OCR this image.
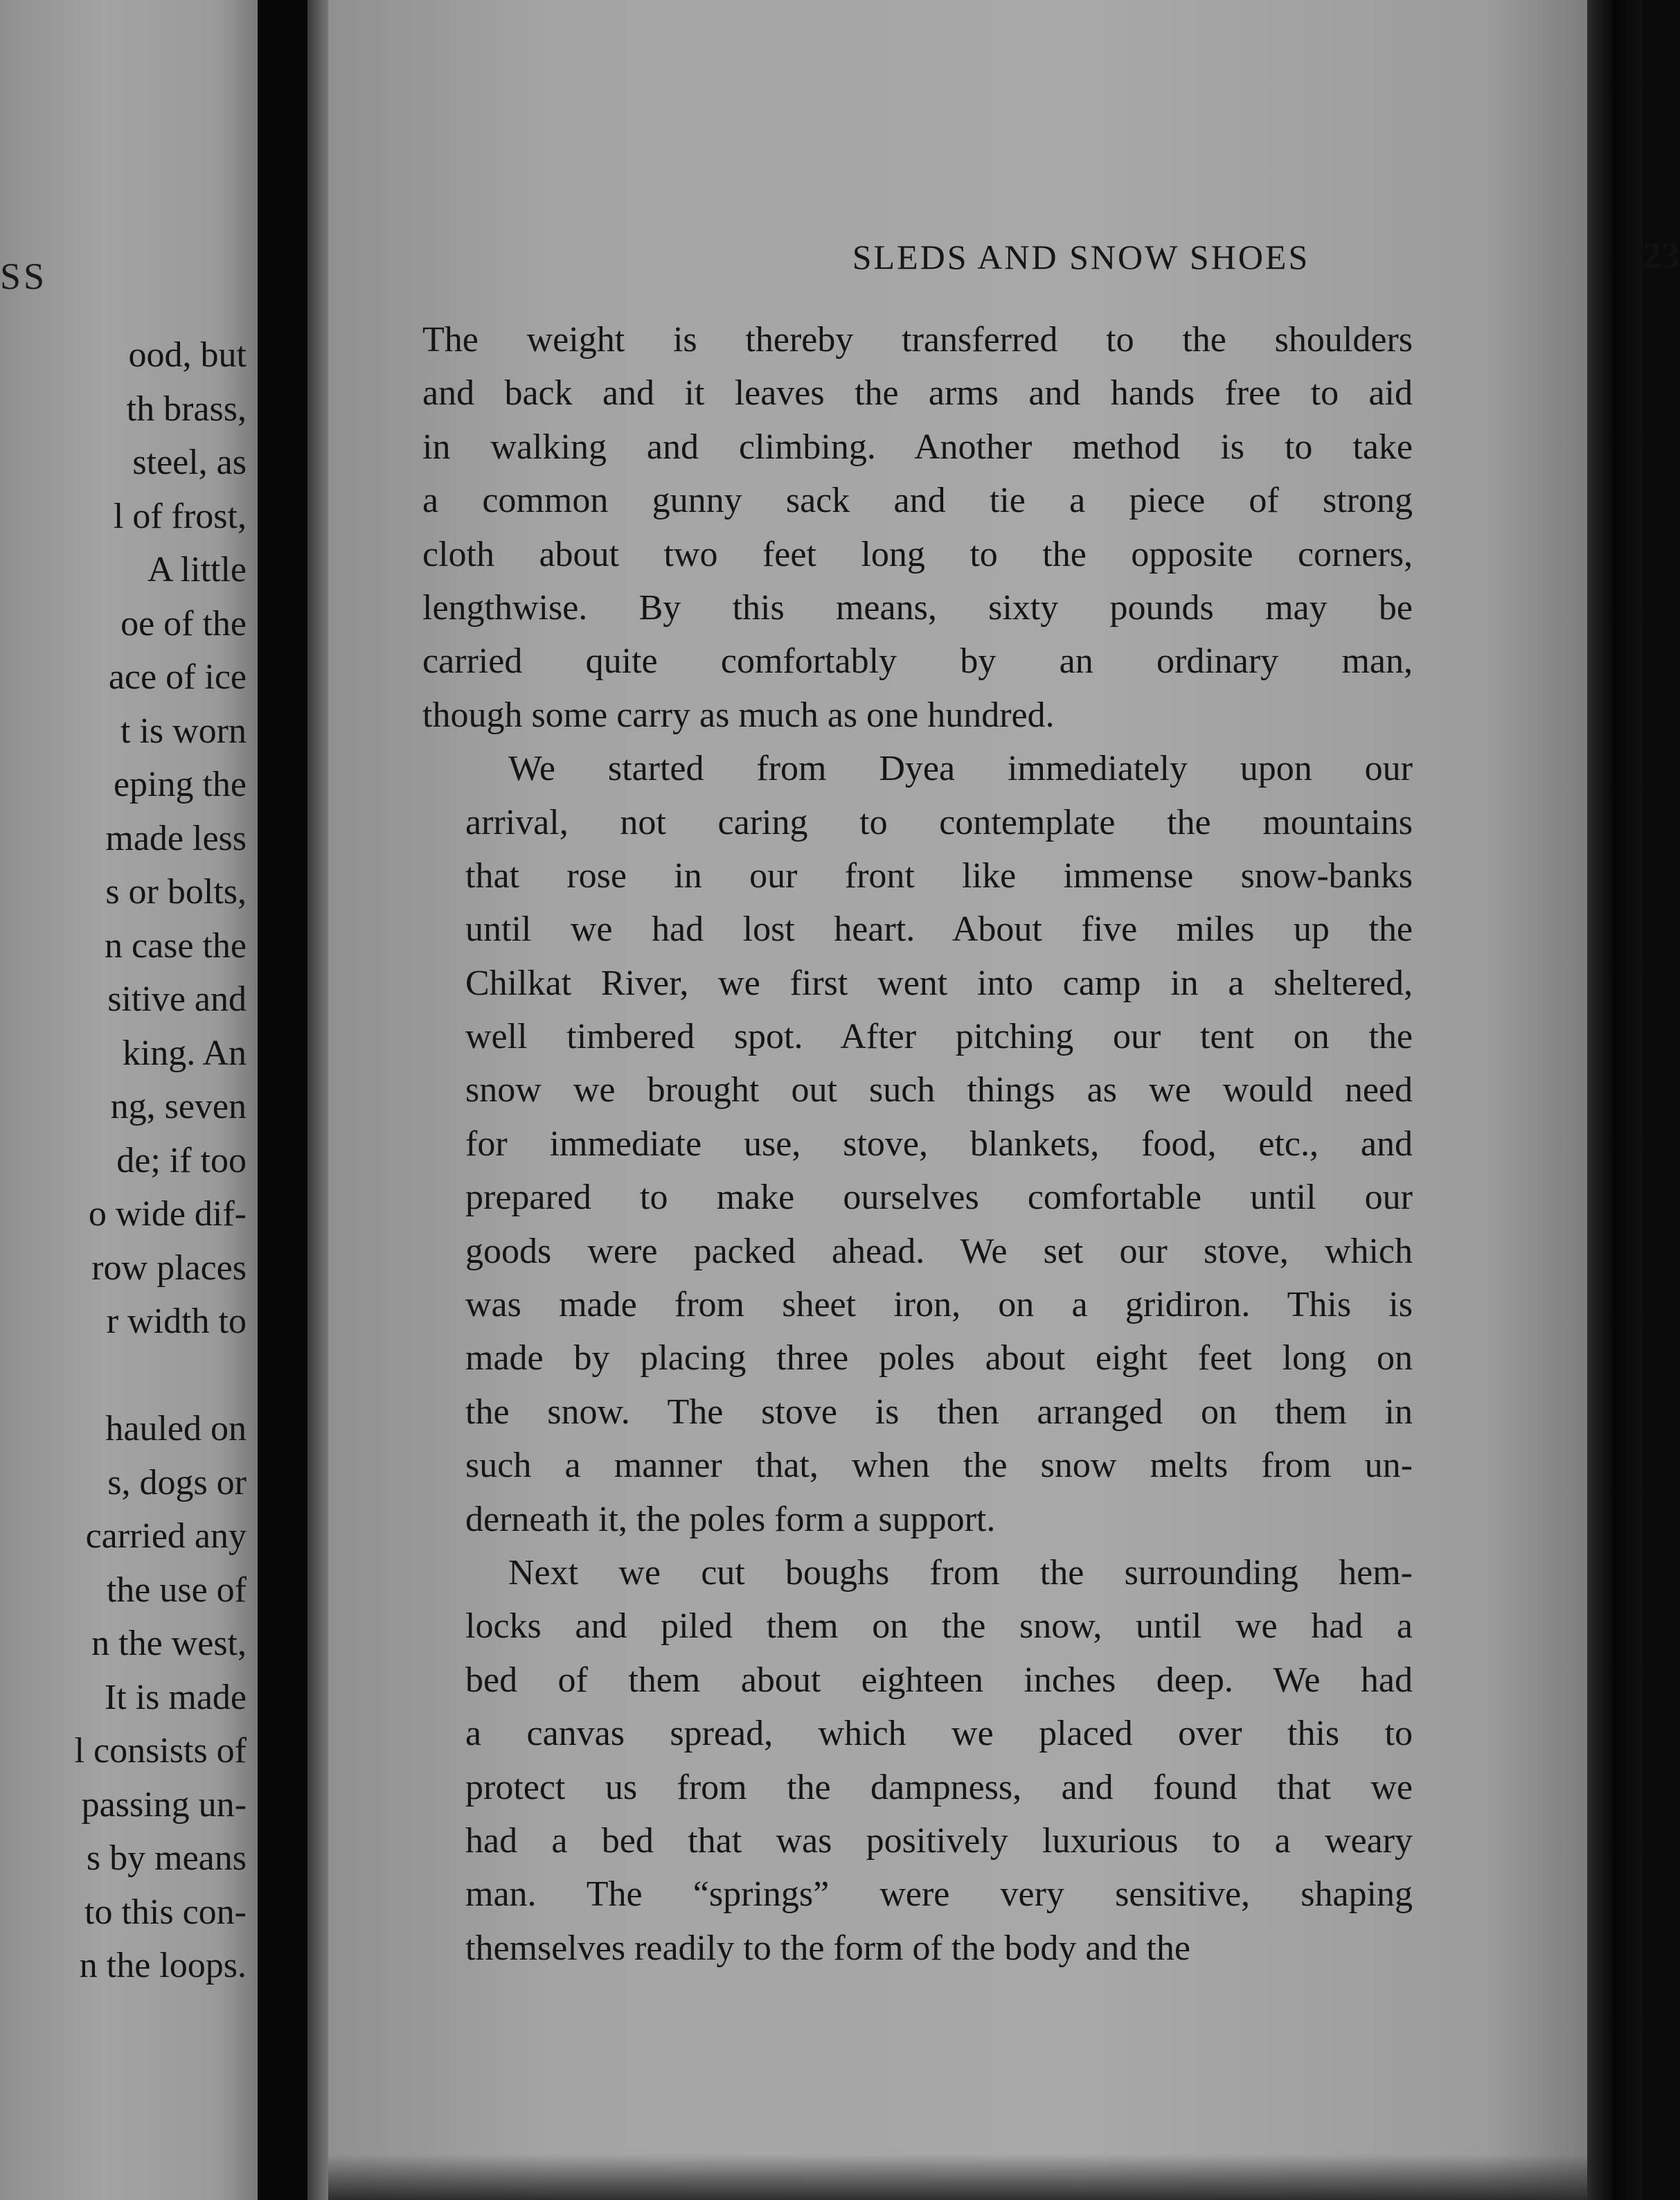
SS
ood, but
th brass,
steel, as
l of frost,
A little
oe of the
ace of ice
t is worn
eping the
made less
s or bolts,
n case the
sitive and
king. An
ng, seven
de; if too
o wide dif-
row places
r width to
hauled on
s, dogs or
carried any
the use of
n the west,
It is made
l consists of
passing un-
s by means
to this con-
n the loops.
SLEDS AND SNOW SHOES	23
The weight is thereby transferred to the shoulders
and back and it leaves the arms and hands free to aid
in walking and climbing. Another method is to take
a common gunny sack and tie a piece of strong
cloth about two feet long to the opposite corners,
lengthwise. By this means, sixty pounds may be
carried quite comfortably by an ordinary man,
though some carry as much as one hundred.
We started from Dyea immediately upon our
arrival, not caring to contemplate the mountains
that rose in our front like immense snow-banks
until we had lost heart. About five miles up the
Chilkat River, we first went into camp in a sheltered,
well timbered spot. After pitching our tent on the
snow we brought out such things as we would need
for immediate use, stove, blankets, food, etc., and
prepared to make ourselves comfortable until our
goods were packed ahead. We set our stove, which
was made from sheet iron, on a gridiron. This is
made by placing three poles about eight feet long on
the snow. The stove is then arranged on them in
such a manner that, when the snow melts from un-
derneath it, the poles form a support.
Next we cut boughs from the surrounding hem-
locks and piled them on the snow, until we had a
bed of them about eighteen inches deep. We had
a canvas spread, which we placed over this to
protect us from the dampness, and found that we
had a bed that was positively luxurious to a weary
man. The “springs” were very sensitive, shaping
themselves readily to the form of the body and the
